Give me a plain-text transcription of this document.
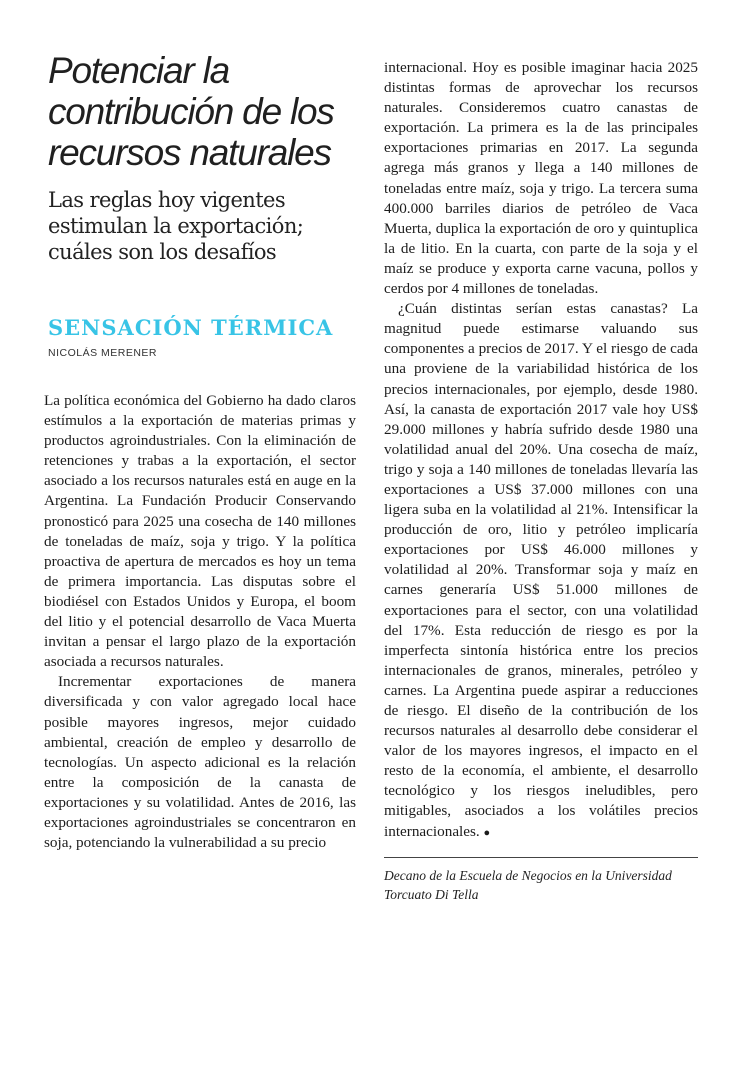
Potenciar la contribución de los recursos naturales
Las reglas hoy vigentes estimulan la exportación; cuáles son los desafíos
SENSACIÓN TÉRMICA
NICOLÁS MERENER

La política económica del Gobierno ha dado claros estímulos a la exportación de materias primas y productos agroindustriales. Con la eliminación de retenciones y trabas a la exportación, el sector asociado a los recursos naturales está en auge en la Argentina. La Fundación Producir Conservando pronosticó para 2025 una cosecha de 140 millones de toneladas de maíz, soja y trigo. Y la política proactiva de apertura de mercados es hoy un tema de primera importancia. Las disputas sobre el biodiésel con Estados Unidos y Europa, el boom del litio y el potencial desarrollo de Vaca Muerta invitan a pensar el largo plazo de la exportación asociada a recursos naturales.

Incrementar exportaciones de manera diversificada y con valor agregado local hace posible mayores ingresos, mejor cuidado ambiental, creación de empleo y desarrollo de tecnologías. Un aspecto adicional es la relación entre la composición de la canasta de exportaciones y su volatilidad. Antes de 2016, las exportaciones agroindustriales se concentraron en soja, potenciando la vulnerabilidad a su precio

internacional. Hoy es posible imaginar hacia 2025 distintas formas de aprovechar los recursos naturales. Consideremos cuatro canastas de exportación. La primera es la de las principales exportaciones primarias en 2017. La segunda agrega más granos y llega a 140 millones de toneladas entre maíz, soja y trigo. La tercera suma 400.000 barriles diarios de petróleo de Vaca Muerta, duplica la exportación de oro y quintuplica la de litio. En la cuarta, con parte de la soja y el maíz se produce y exporta carne vacuna, pollos y cerdos por 4 millones de toneladas.

¿Cuán distintas serían estas canastas? La magnitud puede estimarse valuando sus componentes a precios de 2017. Y el riesgo de cada una proviene de la variabilidad histórica de los precios internacionales, por ejemplo, desde 1980. Así, la canasta de exportación 2017 vale hoy US$ 29.000 millones y habría sufrido desde 1980 una volatilidad anual del 20%. Una cosecha de maíz, trigo y soja a 140 millones de toneladas llevaría las exportaciones a US$ 37.000 millones con una ligera suba en la volatilidad al 21%. Intensificar la producción de oro, litio y petróleo implicaría exportaciones por US$ 46.000 millones y volatilidad al 20%. Transformar soja y maíz en carnes generaría US$ 51.000 millones de exportaciones para el sector, con una volatilidad del 17%. Esta reducción de riesgo es por la imperfecta sintonía histórica entre los precios internacionales de granos, minerales, petróleo y carnes. La Argentina puede aspirar a reducciones de riesgo. El diseño de la contribución de los recursos naturales al desarrollo debe considerar el valor de los mayores ingresos, el impacto en el resto de la economía, el ambiente, el desarrollo tecnológico y los riesgos ineludibles, pero mitigables, asociados a los volátiles precios internacionales. ●

Decano de la Escuela de Negocios en la Universidad Torcuato Di Tella
